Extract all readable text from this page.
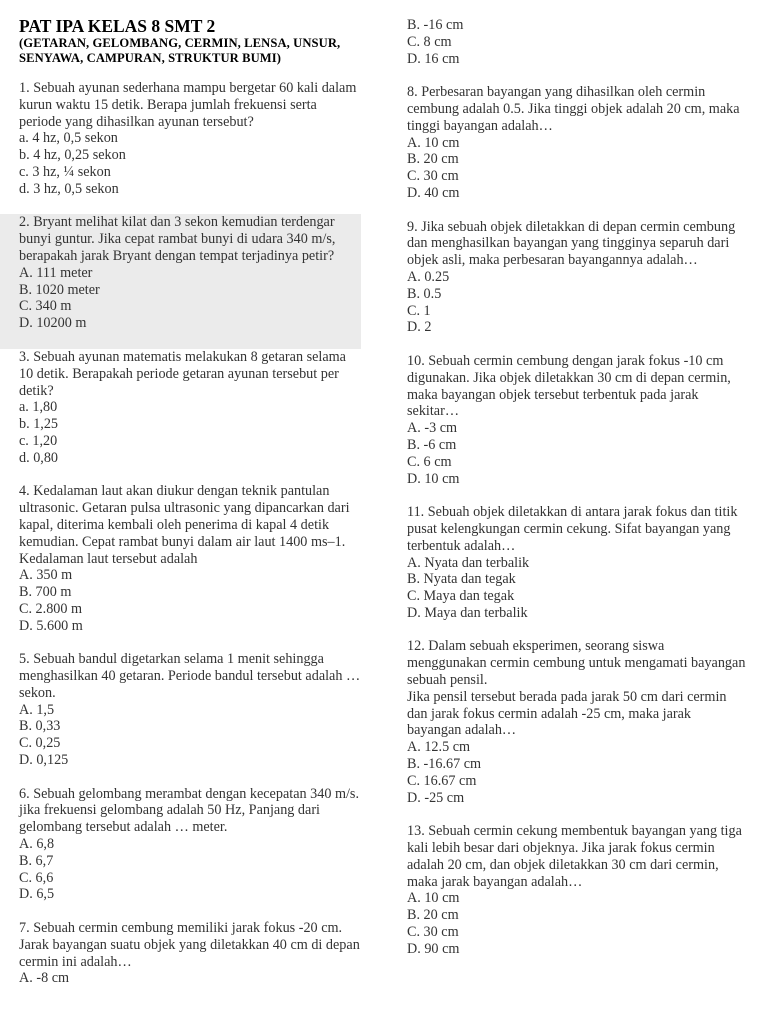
PAT IPA KELAS 8 SMT 2
(GETARAN, GELOMBANG, CERMIN, LENSA, UNSUR, SENYAWA, CAMPURAN, STRUKTUR BUMI)
1. Sebuah ayunan sederhana mampu bergetar 60 kali dalam kurun waktu 15 detik. Berapa jumlah frekuensi serta periode yang dihasilkan ayunan tersebut?
a. 4 hz, 0,5 sekon
b. 4 hz, 0,25 sekon
c. 3 hz, ¼ sekon
d. 3 hz, 0,5 sekon
2. Bryant melihat kilat dan 3 sekon kemudian terdengar bunyi guntur. Jika cepat rambat bunyi di udara 340 m/s, berapakah jarak Bryant dengan tempat terjadinya petir?
A. 111 meter
B. 1020 meter
C. 340 m
D. 10200 m
3. Sebuah ayunan matematis melakukan 8 getaran selama 10 detik. Berapakah periode getaran ayunan tersebut per detik?
a. 1,80
b. 1,25
c. 1,20
d. 0,80
4. Kedalaman laut akan diukur dengan teknik pantulan ultrasonic. Getaran pulsa ultrasonic yang dipancarkan dari kapal, diterima kembali oleh penerima di kapal 4 detik kemudian. Cepat rambat bunyi dalam air laut 1400 ms–1. Kedalaman laut tersebut adalah
A. 350 m
B. 700 m
C. 2.800 m
D. 5.600 m
5. Sebuah bandul digetarkan selama 1 menit sehingga menghasilkan 40 getaran. Periode bandul tersebut adalah … sekon.
A. 1,5
B. 0,33
C. 0,25
D. 0,125
6. Sebuah gelombang merambat dengan kecepatan 340 m/s. jika frekuensi gelombang adalah 50 Hz, Panjang dari gelombang tersebut adalah … meter.
A. 6,8
B. 6,7
C. 6,6
D. 6,5
7. Sebuah cermin cembung memiliki jarak fokus -20 cm. Jarak bayangan suatu objek yang diletakkan 40 cm di depan cermin ini adalah…
A. -8 cm
B. -16 cm
C. 8 cm
D. 16 cm
8. Perbesaran bayangan yang dihasilkan oleh cermin cembung adalah 0.5. Jika tinggi objek adalah 20 cm, maka tinggi bayangan adalah…
A. 10 cm
B. 20 cm
C. 30 cm
D. 40 cm
9. Jika sebuah objek diletakkan di depan cermin cembung dan menghasilkan bayangan yang tingginya separuh dari objek asli, maka perbesaran bayangannya adalah…
A. 0.25
B. 0.5
C. 1
D. 2
10. Sebuah cermin cembung dengan jarak fokus -10 cm digunakan. Jika objek diletakkan 30 cm di depan cermin, maka bayangan objek tersebut terbentuk pada jarak sekitar…
A. -3 cm
B. -6 cm
C. 6 cm
D. 10 cm
11. Sebuah objek diletakkan di antara jarak fokus dan titik pusat kelengkungan cermin cekung. Sifat bayangan yang terbentuk adalah…
A. Nyata dan terbalik
B. Nyata dan tegak
C. Maya dan tegak
D. Maya dan terbalik
12. Dalam sebuah eksperimen, seorang siswa menggunakan cermin cembung untuk mengamati bayangan sebuah pensil.
Jika pensil tersebut berada pada jarak 50 cm dari cermin dan jarak fokus cermin adalah -25 cm, maka jarak bayangan adalah…
A. 12.5 cm
B. -16.67 cm
C. 16.67 cm
D. -25 cm
13. Sebuah cermin cekung membentuk bayangan yang tiga kali lebih besar dari objeknya. Jika jarak fokus cermin adalah 20 cm, dan objek diletakkan 30 cm dari cermin, maka jarak bayangan adalah…
A. 10 cm
B. 20 cm
C. 30 cm
D. 90 cm
